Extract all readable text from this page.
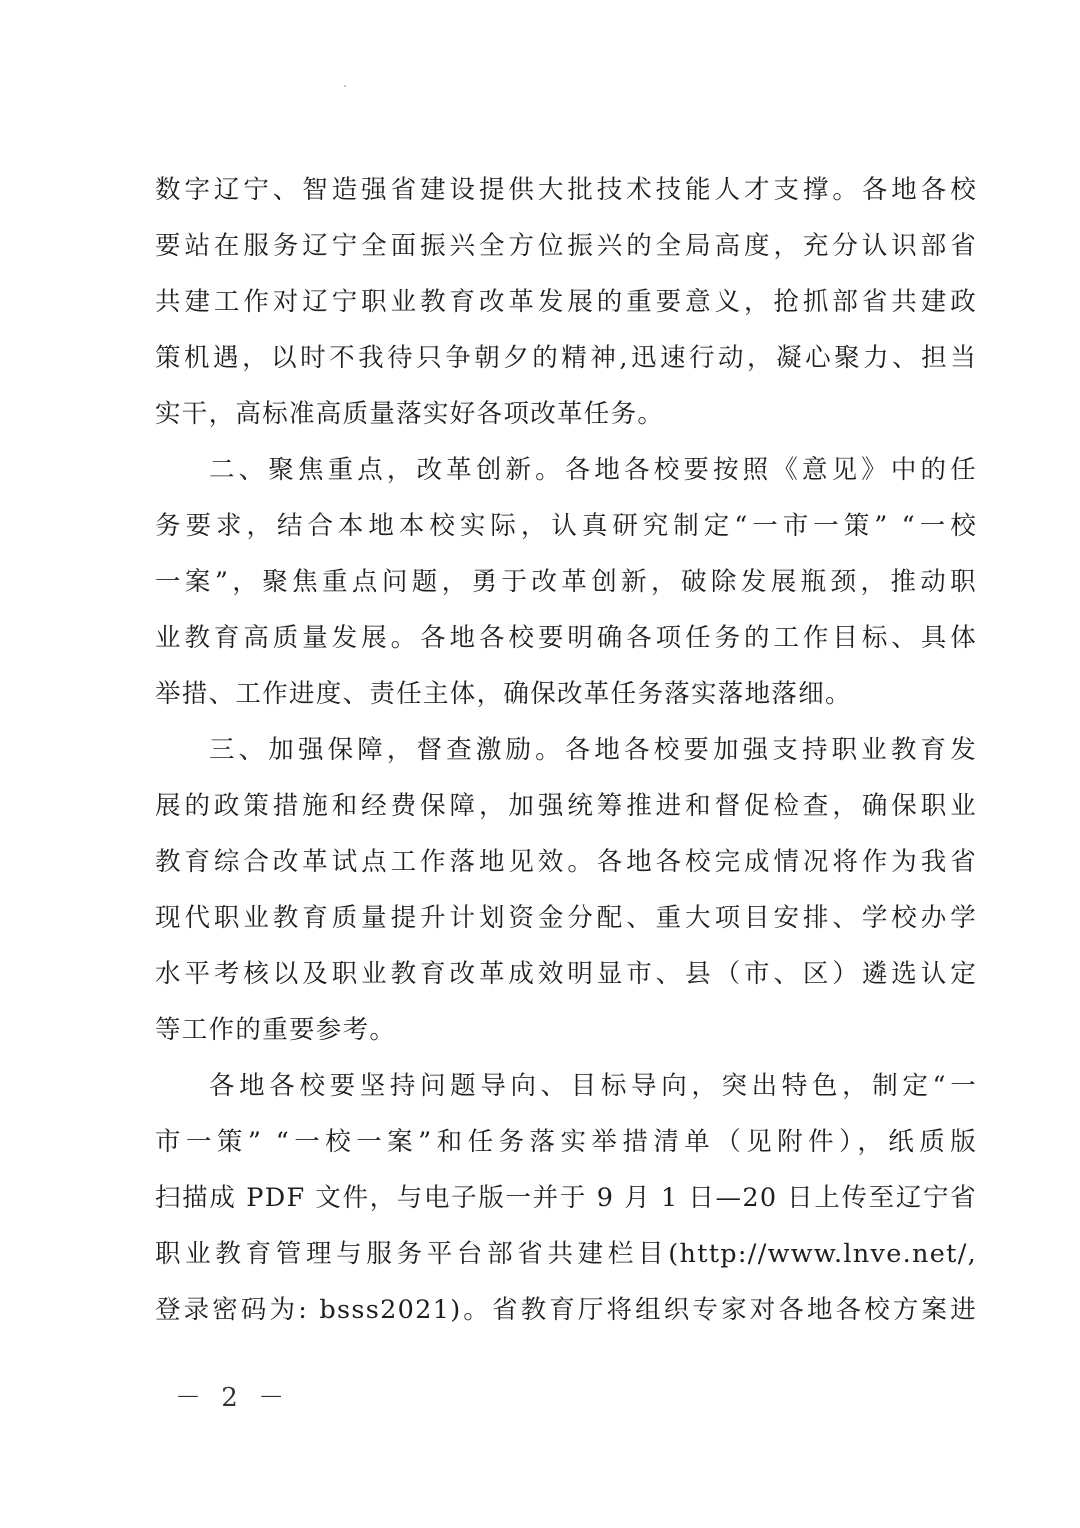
数字辽宁、智造强省建设提供大批技术技能人才支撑。各地各校
要站在服务辽宁全面振兴全方位振兴的全局高度，充分认识部省
共建工作对辽宁职业教育改革发展的重要意义，抢抓部省共建政
策机遇，以时不我待只争朝夕的精神,迅速行动，凝心聚力、担当
实干，高标准高质量落实好各项改革任务。
二、聚焦重点，改革创新。各地各校要按照《意见》中的任
务要求，结合本地本校实际，认真研究制定“一市一策” “一校
一案”，聚焦重点问题，勇于改革创新，破除发展瓶颈，推动职
业教育高质量发展。各地各校要明确各项任务的工作目标、具体
举措、工作进度、责任主体，确保改革任务落实落地落细。
三、加强保障，督查激励。各地各校要加强支持职业教育发
展的政策措施和经费保障，加强统筹推进和督促检查，确保职业
教育综合改革试点工作落地见效。各地各校完成情况将作为我省
现代职业教育质量提升计划资金分配、重大项目安排、学校办学
水平考核以及职业教育改革成效明显市、县（市、区）遴选认定
等工作的重要参考。
各地各校要坚持问题导向、目标导向，突出特色，制定“一
市一策” “一校一案”和任务落实举措清单（见附件），纸质版
扫描成 PDF 文件，与电子版一并于 9 月 1 日—20 日上传至辽宁省
职业教育管理与服务平台部省共建栏目(http://www.lnve.net/,
登录密码为: bsss2021)。省教育厅将组织专家对各地各校方案进
－ 2 －
